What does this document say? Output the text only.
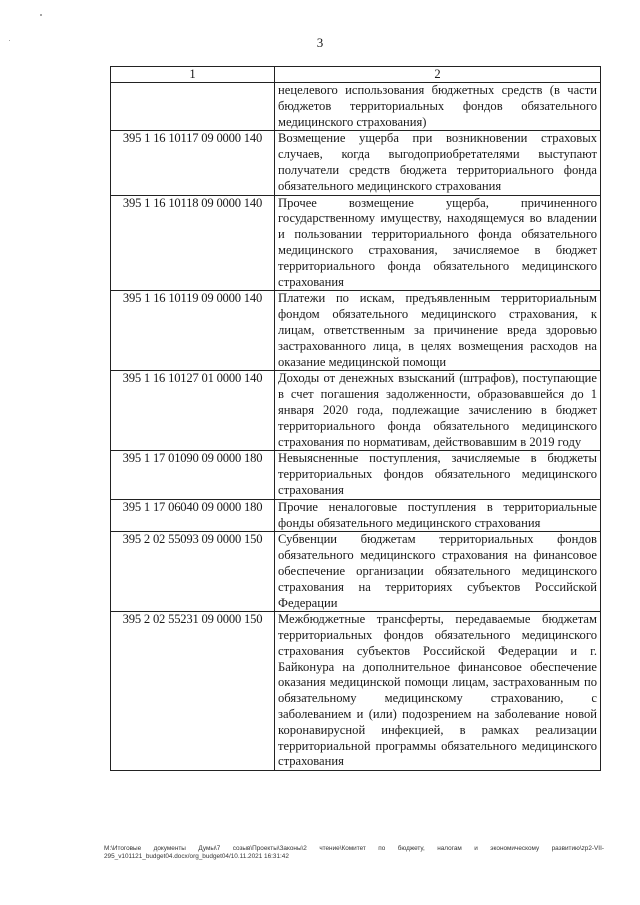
3
1	2
	нецелевого использования бюджетных средств (в части бюджетов территориальных фондов обязательного медицинского страхования)
395 1 16 10117 09 0000 140	Возмещение ущерба при возникновении страховых случаев, когда выгодоприобретателями выступают получатели средств бюджета территориального фонда обязательного медицинского страхования
395 1 16 10118 09 0000 140	Прочее возмещение ущерба, причиненного государственному имуществу, находящемуся во владении и пользовании территориального фонда обязательного медицинского страхования, зачисляемое в бюджет территориального фонда обязательного медицинского страхования
395 1 16 10119 09 0000 140	Платежи по искам, предъявленным территориальным фондом обязательного медицинского страхования, к лицам, ответственным за причинение вреда здоровью застрахованного лица, в целях возмещения расходов на оказание медицинской помощи
395 1 16 10127 01 0000 140	Доходы от денежных взысканий (штрафов), поступающие в счет погашения задолженности, образовавшейся до 1 января 2020 года, подлежащие зачислению в бюджет территориального фонда обязательного медицинского страхования по нормативам, действовавшим в 2019 году
395 1 17 01090 09 0000 180	Невыясненные поступления, зачисляемые в бюджеты территориальных фондов обязательного медицинского страхования
395 1 17 06040 09 0000 180	Прочие неналоговые поступления в территориальные фонды обязательного медицинского страхования
395 2 02 55093 09 0000 150	Субвенции бюджетам территориальных фондов обязательного медицинского страхования на финансовое обеспечение организации обязательного медицинского страхования на территориях субъектов Российской Федерации
395 2 02 55231 09 0000 150	Межбюджетные трансферты, передаваемые бюджетам территориальных фондов обязательного медицинского страхования субъектов Российской Федерации и г. Байконура на дополнительное финансовое обеспечение оказания медицинской помощи лицам, застрахованным по обязательному медицинскому страхованию, с заболеванием и (или) подозрением на заболевание новой коронавирусной инфекцией, в рамках реализации территориальной программы обязательного медицинского страхования
M:\Итоговые документы Думы\7 созыв\Проекты\Законы\2 чтение\Комитет по бюджету, налогам и экономическому развитию\zp2-VII-295_v101121_budget04.docx/org_budget04/10.11.2021 16:31:42
